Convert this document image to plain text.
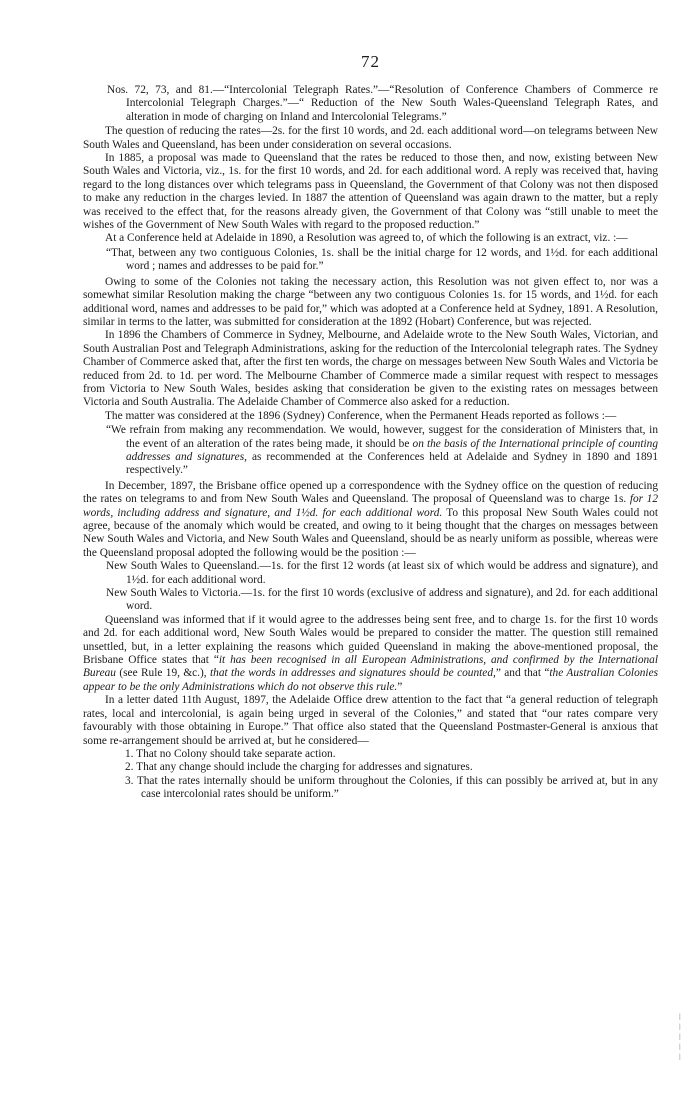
72

Nos. 72, 73, and 81.—“Intercolonial Telegraph Rates.”—“Resolution of Conference Chambers of Commerce re Intercolonial Telegraph Charges.”—“ Reduction of the New South Wales-Queensland Telegraph Rates, and alteration in mode of charging on Inland and Intercolonial Telegrams.”

The question of reducing the rates—2s. for the first 10 words, and 2d. each additional word—on telegrams between New South Wales and Queensland, has been under consideration on several occasions.

In 1885, a proposal was made to Queensland that the rates be reduced to those then, and now, existing between New South Wales and Victoria, viz., 1s. for the first 10 words, and 2d. for each additional word. A reply was received that, having regard to the long distances over which telegrams pass in Queensland, the Government of that Colony was not then disposed to make any reduction in the charges levied. In 1887 the attention of Queensland was again drawn to the matter, but a reply was received to the effect that, for the reasons already given, the Government of that Colony was “still unable to meet the wishes of the Government of New South Wales with regard to the proposed reduction.”

At a Conference held at Adelaide in 1890, a Resolution was agreed to, of which the following is an extract, viz. :—

“That, between any two contiguous Colonies, 1s. shall be the initial charge for 12 words, and 1½d. for each additional word ; names and addresses to be paid for.”

Owing to some of the Colonies not taking the necessary action, this Resolution was not given effect to, nor was a somewhat similar Resolution making the charge “between any two contiguous Colonies 1s. for 15 words, and 1½d. for each additional word, names and addresses to be paid for,” which was adopted at a Conference held at Sydney, 1891. A Resolution, similar in terms to the latter, was submitted for consideration at the 1892 (Hobart) Conference, but was rejected.

In 1896 the Chambers of Commerce in Sydney, Melbourne, and Adelaide wrote to the New South Wales, Victorian, and South Australian Post and Telegraph Administrations, asking for the reduction of the Intercolonial telegraph rates. The Sydney Chamber of Commerce asked that, after the first ten words, the charge on messages between New South Wales and Victoria be reduced from 2d. to 1d. per word. The Melbourne Chamber of Commerce made a similar request with respect to messages from Victoria to New South Wales, besides asking that consideration be given to the existing rates on messages between Victoria and South Australia. The Adelaide Chamber of Commerce also asked for a reduction.

The matter was considered at the 1896 (Sydney) Conference, when the Permanent Heads reported as follows :—

“We refrain from making any recommendation. We would, however, suggest for the consideration of Ministers that, in the event of an alteration of the rates being made, it should be on the basis of the International principle of counting addresses and signatures, as recommended at the Conferences held at Adelaide and Sydney in 1890 and 1891 respectively.”

In December, 1897, the Brisbane office opened up a correspondence with the Sydney office on the question of reducing the rates on telegrams to and from New South Wales and Queensland. The proposal of Queensland was to charge 1s. for 12 words, including address and signature, and 1½d. for each additional word. To this proposal New South Wales could not agree, because of the anomaly which would be created, and owing to it being thought that the charges on messages between New South Wales and Victoria, and New South Wales and Queensland, should be as nearly uniform as possible, whereas were the Queensland proposal adopted the following would be the position :—

New South Wales to Queensland.—1s. for the first 12 words (at least six of which would be address and signature), and 1½d. for each additional word.

New South Wales to Victoria.—1s. for the first 10 words (exclusive of address and signature), and 2d. for each additional word.

Queensland was informed that if it would agree to the addresses being sent free, and to charge 1s. for the first 10 words and 2d. for each additional word, New South Wales would be prepared to consider the matter. The question still remained unsettled, but, in a letter explaining the reasons which guided Queensland in making the above-mentioned proposal, the Brisbane Office states that “it has been recognised in all European Administrations, and confirmed by the International Bureau (see Rule 19, &c.), that the words in addresses and signatures should be counted,” and that “the Australian Colonies appear to be the only Administrations which do not observe this rule.”

In a letter dated 11th August, 1897, the Adelaide Office drew attention to the fact that “a general reduction of telegraph rates, local and intercolonial, is again being urged in several of the Colonies,” and stated that “our rates compare very favourably with those obtaining in Europe.” That office also stated that the Queensland Postmaster-General is anxious that some re-arrangement should be arrived at, but he considered—

1. That no Colony should take separate action.

2. That any change should include the charging for addresses and signatures.

3. That the rates internally should be uniform throughout the Colonies, if this can possibly be arrived at, but in any case intercolonial rates should be uniform.”

ǀ
ǀ
ǀ
ǀ
ǀ
